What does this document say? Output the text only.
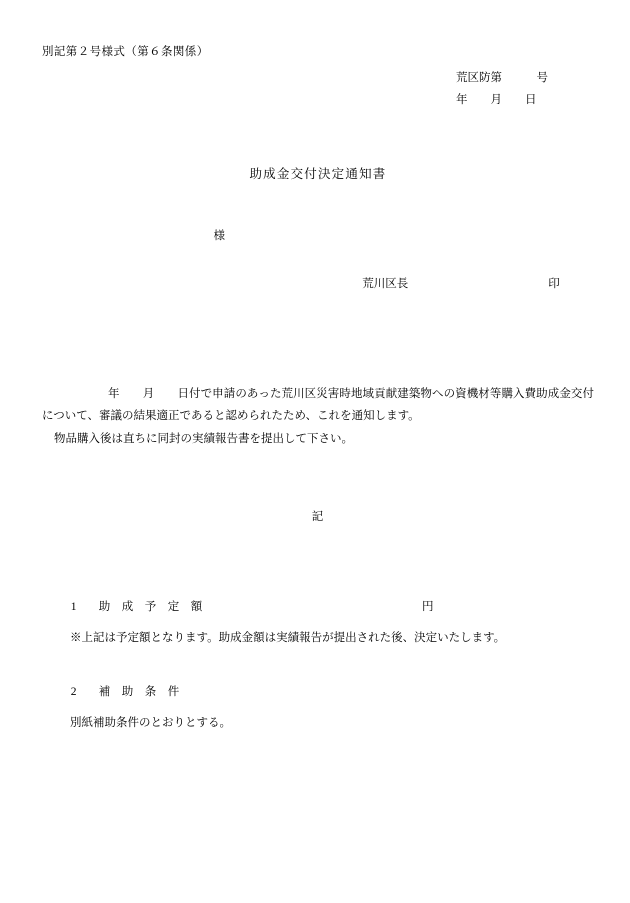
別記第２号様式（第６条関係）
荒区防第　　　号
年　　月　　日
助成金交付決定通知書
　　　　　様

荒川区長	印

年　　月　　日付で申請のあった荒川区災害時地域貢献建築物への資機材等購入費助成金交付について、審議の結果適正であると認められたため、これを通知します。
物品購入後は直ちに同封の実績報告書を提出して下さい。
記

1 助　成　予　定　額	円

※上記は予定額となります。助成金額は実績報告が提出された後、決定いたします。

2 補　助　条　件

別紙補助条件のとおりとする。
